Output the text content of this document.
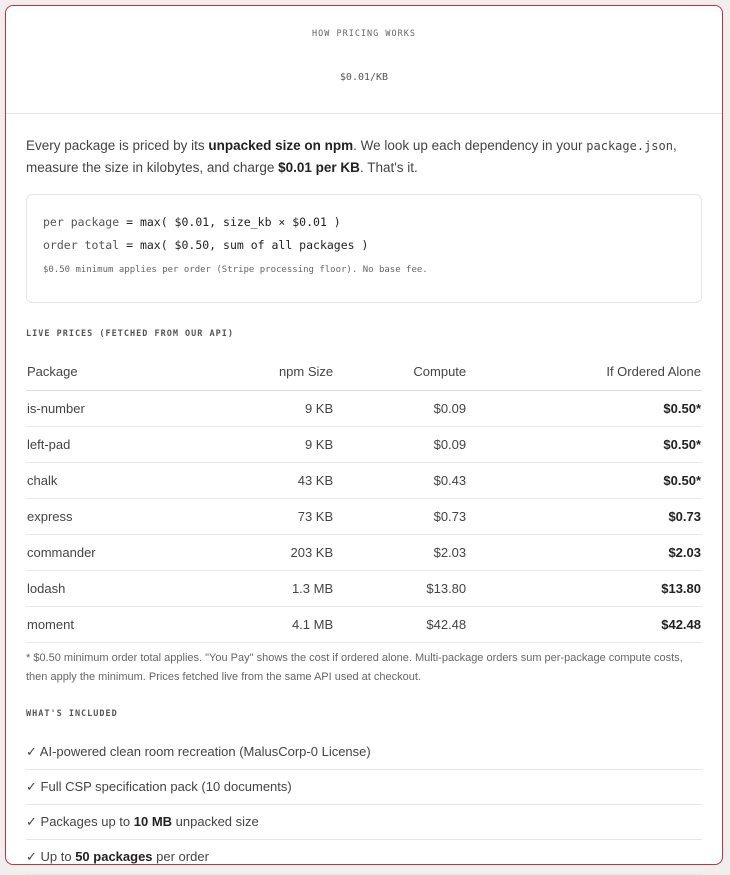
HOW PRICING WORKS
$0.01/KB
Every package is priced by its unpacked size on npm. We look up each dependency in your package.json, measure the size in kilobytes, and charge $0.01 per KB. That's it.
per package = max( $0.01, size_kb × $0.01 )
order total = max( $0.50, sum of all packages )
$0.50 minimum applies per order (Stripe processing floor). No base fee.
LIVE PRICES (FETCHED FROM OUR API)
Package	npm Size	Compute	If Ordered Alone
is-number	9 KB	$0.09	$0.50*
left-pad	9 KB	$0.09	$0.50*
chalk	43 KB	$0.43	$0.50*
express	73 KB	$0.73	$0.73
commander	203 KB	$2.03	$2.03
lodash	1.3 MB	$13.80	$13.80
moment	4.1 MB	$42.48	$42.48
* $0.50 minimum order total applies. "You Pay" shows the cost if ordered alone. Multi-package orders sum per-package compute costs, then apply the minimum. Prices fetched live from the same API used at checkout.
WHAT'S INCLUDED
✓ AI-powered clean room recreation (MalusCorp-0 License)
✓ Full CSP specification pack (10 documents)
✓ Packages up to 10 MB unpacked size
✓ Up to 50 packages per order
